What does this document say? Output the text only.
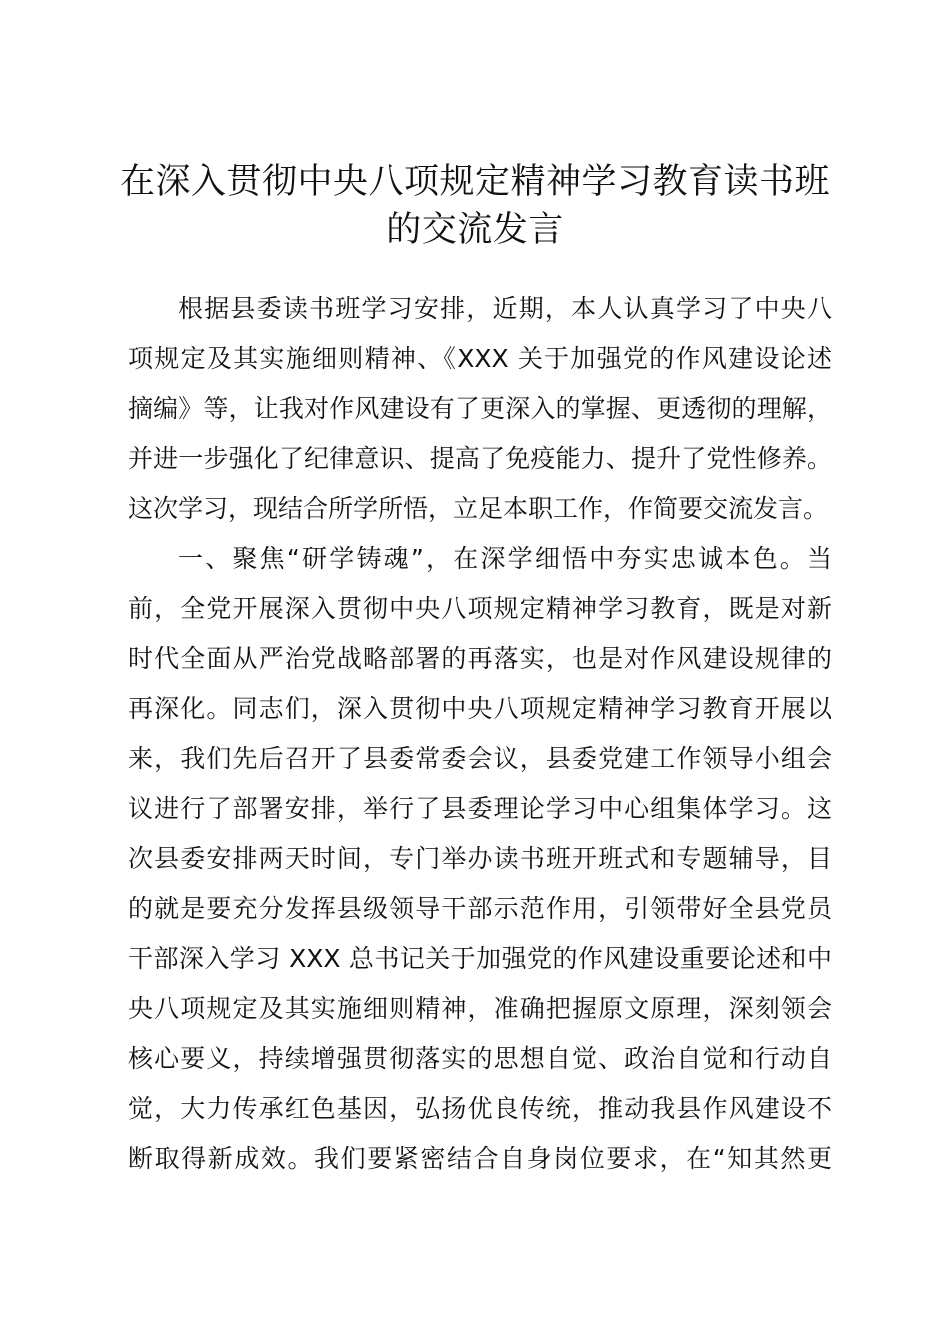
在深入贯彻中央八项规定精神学习教育读书班
的交流发言
根据县委读书班学习安排，近期，本人认真学习了中央八
项规定及其实施细则精神、《XXX 关于加强党的作风建设论述
摘编》等，让我对作风建设有了更深入的掌握、更透彻的理解，
并进一步强化了纪律意识、提高了免疫能力、提升了党性修养。
这次学习，现结合所学所悟，立足本职工作，作简要交流发言。
一、聚焦“研学铸魂”，在深学细悟中夯实忠诚本色。当
前，全党开展深入贯彻中央八项规定精神学习教育，既是对新
时代全面从严治党战略部署的再落实，也是对作风建设规律的
再深化。同志们，深入贯彻中央八项规定精神学习教育开展以
来，我们先后召开了县委常委会议，县委党建工作领导小组会
议进行了部署安排，举行了县委理论学习中心组集体学习。这
次县委安排两天时间，专门举办读书班开班式和专题辅导，目
的就是要充分发挥县级领导干部示范作用，引领带好全县党员
干部深入学习 XXX 总书记关于加强党的作风建设重要论述和中
央八项规定及其实施细则精神，准确把握原文原理，深刻领会
核心要义，持续增强贯彻落实的思想自觉、政治自觉和行动自
觉，大力传承红色基因，弘扬优良传统，推动我县作风建设不
断取得新成效。我们要紧密结合自身岗位要求，在“知其然更
